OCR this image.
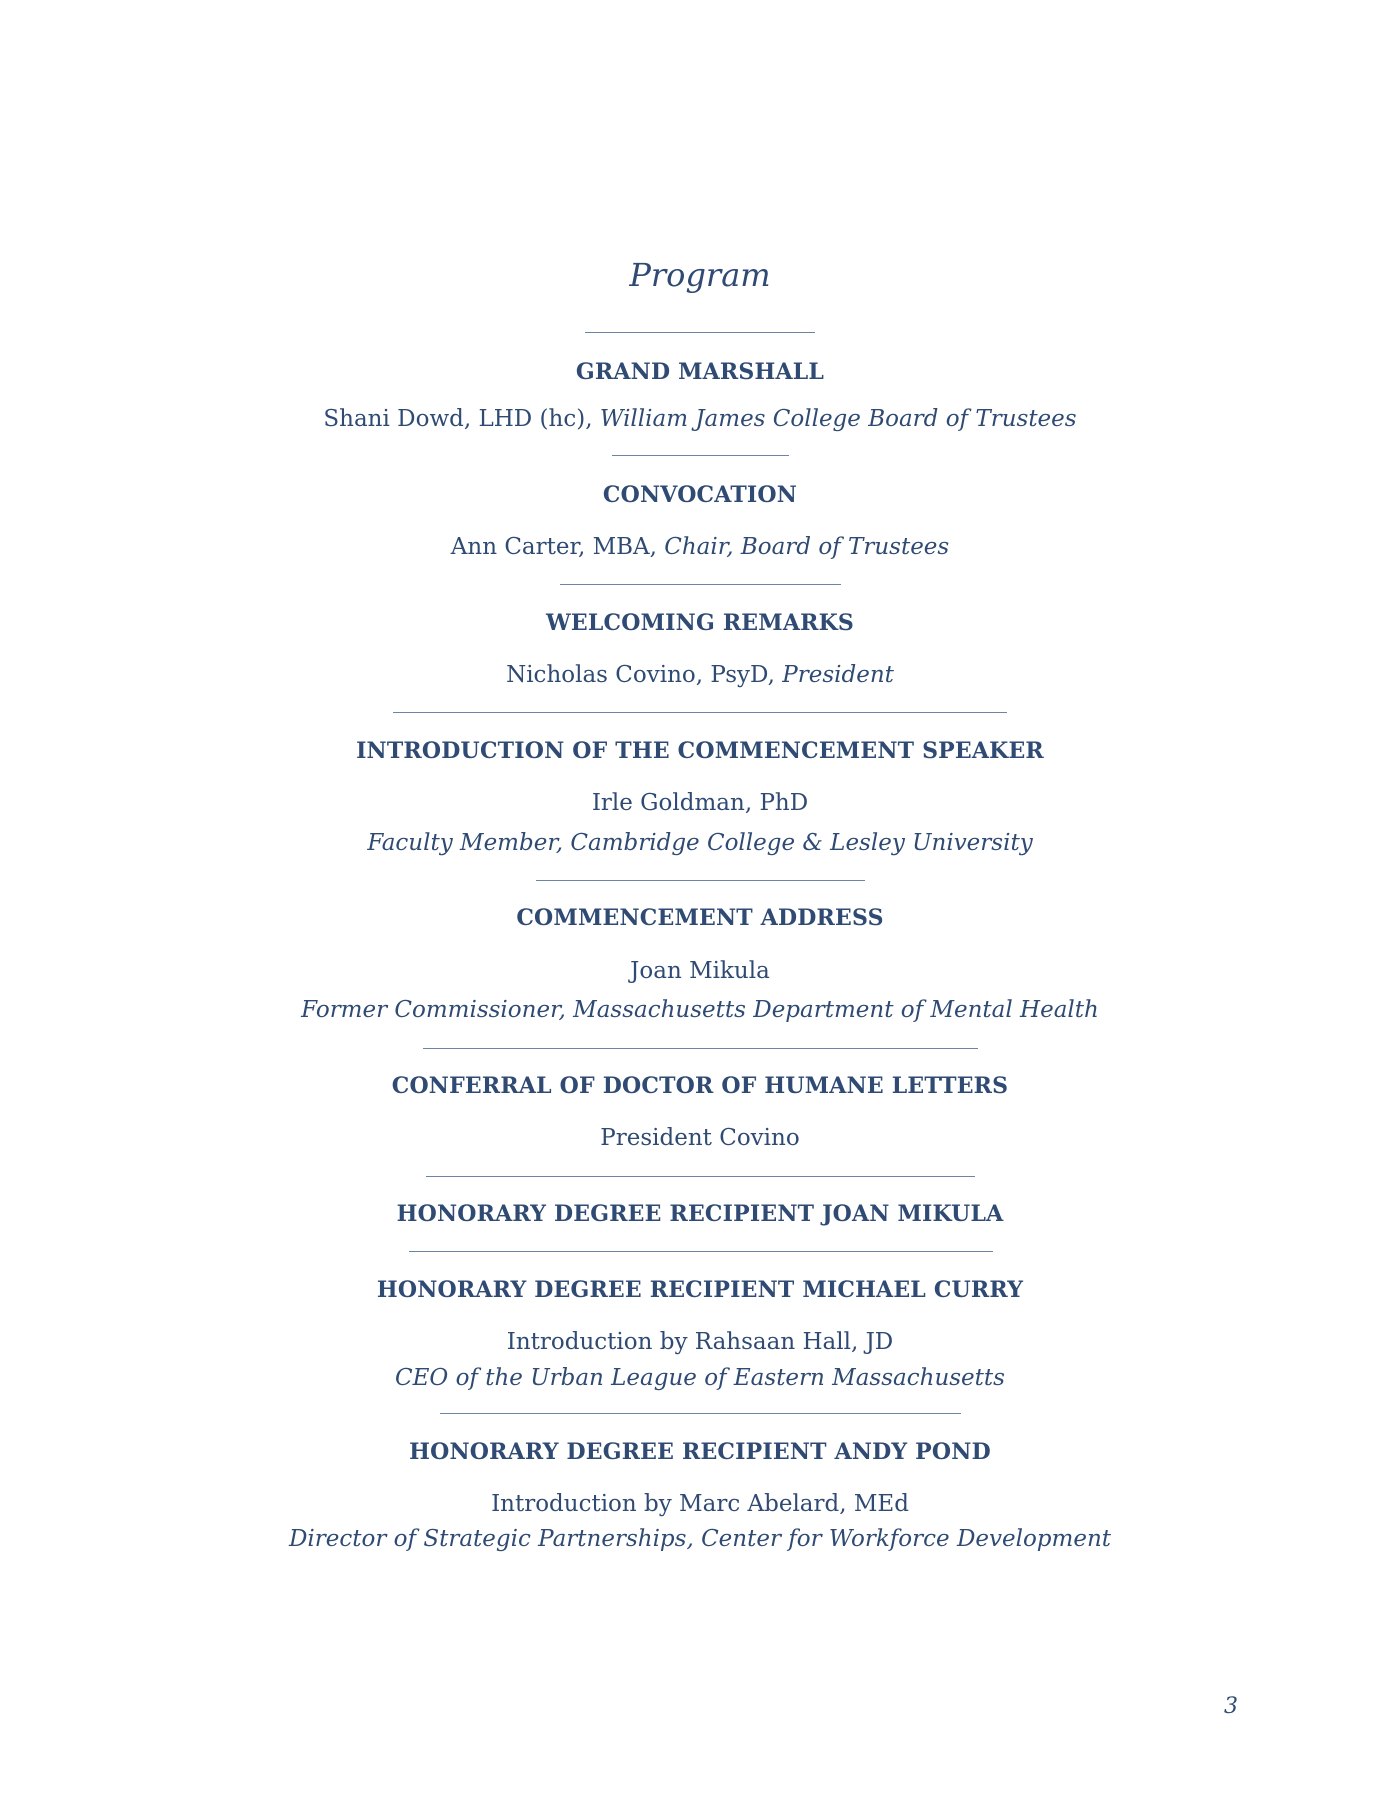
Program
GRAND MARSHALL
Shani Dowd, LHD (hc), William James College Board of Trustees
CONVOCATION
Ann Carter, MBA, Chair, Board of Trustees
WELCOMING REMARKS
Nicholas Covino, PsyD, President
INTRODUCTION OF THE COMMENCEMENT SPEAKER
Irle Goldman, PhD
Faculty Member, Cambridge College & Lesley University
COMMENCEMENT ADDRESS
Joan Mikula
Former Commissioner, Massachusetts Department of Mental Health
CONFERRAL OF DOCTOR OF HUMANE LETTERS
President Covino
HONORARY DEGREE RECIPIENT JOAN MIKULA
HONORARY DEGREE RECIPIENT MICHAEL CURRY
Introduction by Rahsaan Hall, JD
CEO of the Urban League of Eastern Massachusetts
HONORARY DEGREE RECIPIENT ANDY POND
Introduction by Marc Abelard, MEd
Director of Strategic Partnerships, Center for Workforce Development
3
